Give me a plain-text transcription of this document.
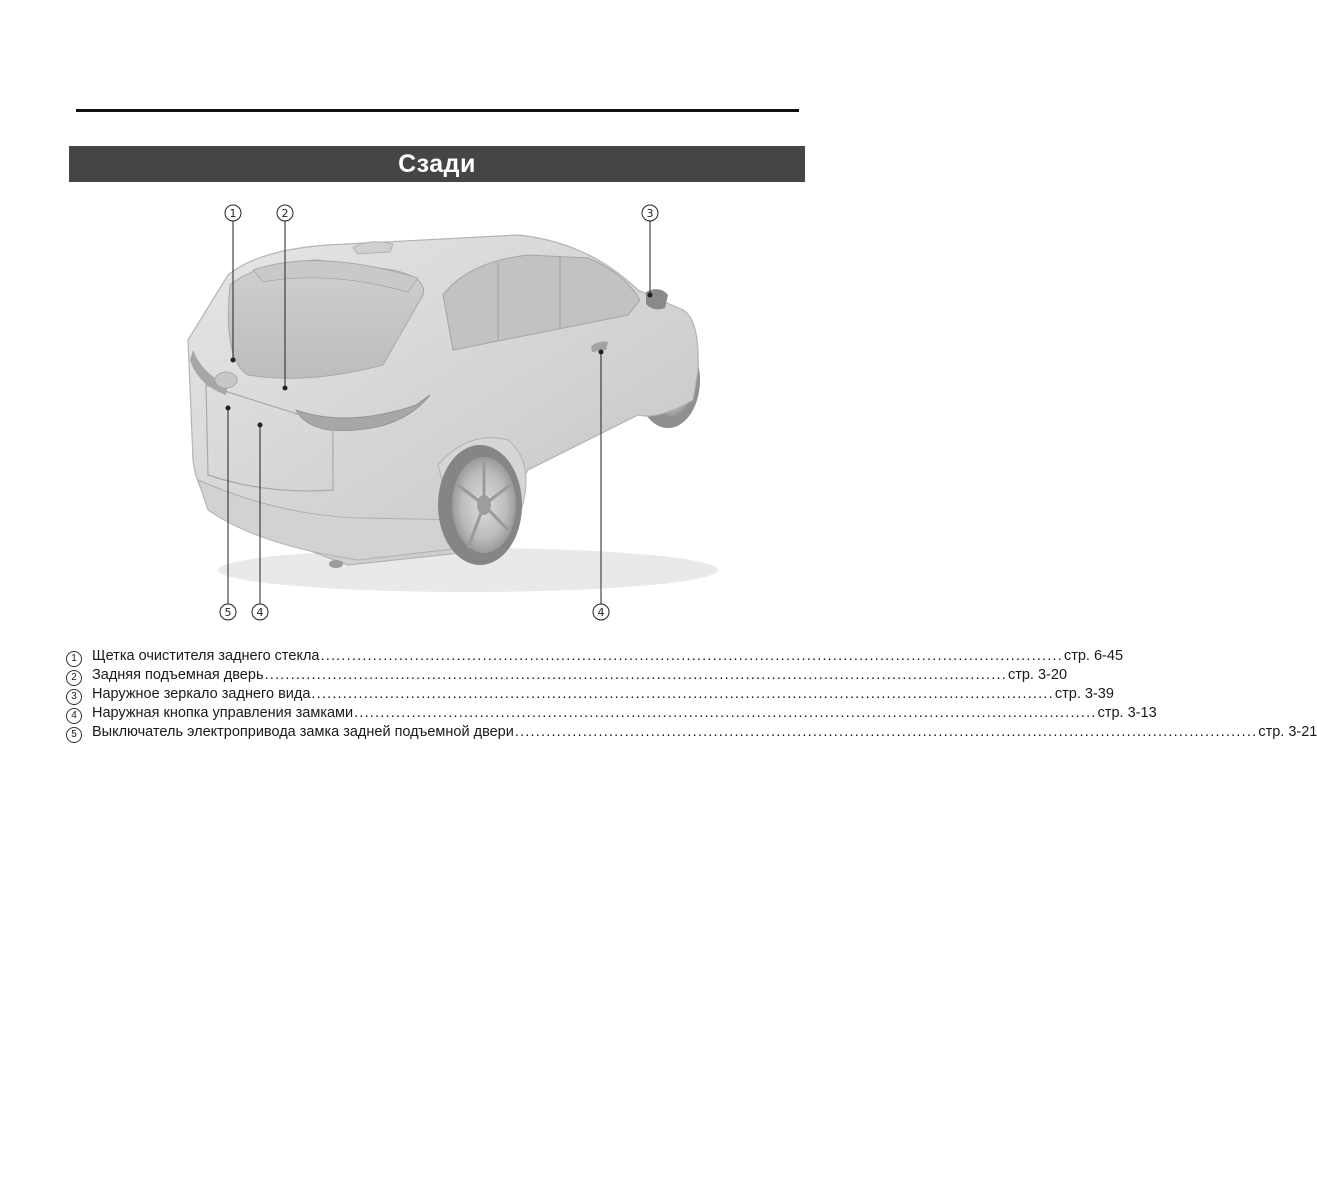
Сзади
1	2	3
5 4	4
1	Щетка очистителя заднего стекла .............................................................................................................................................. стр. 6-45
2	Задняя подъемная дверь .............................................................................................................................................. стр. 3-20
3	Наружное зеркало заднего вида .............................................................................................................................................. стр. 3-39
4	Наружная кнопка управления замками .............................................................................................................................................. стр. 3-13
5	Выключатель электропривода замка задней подъемной двери .............................................................................................................................................. стр. 3-21
